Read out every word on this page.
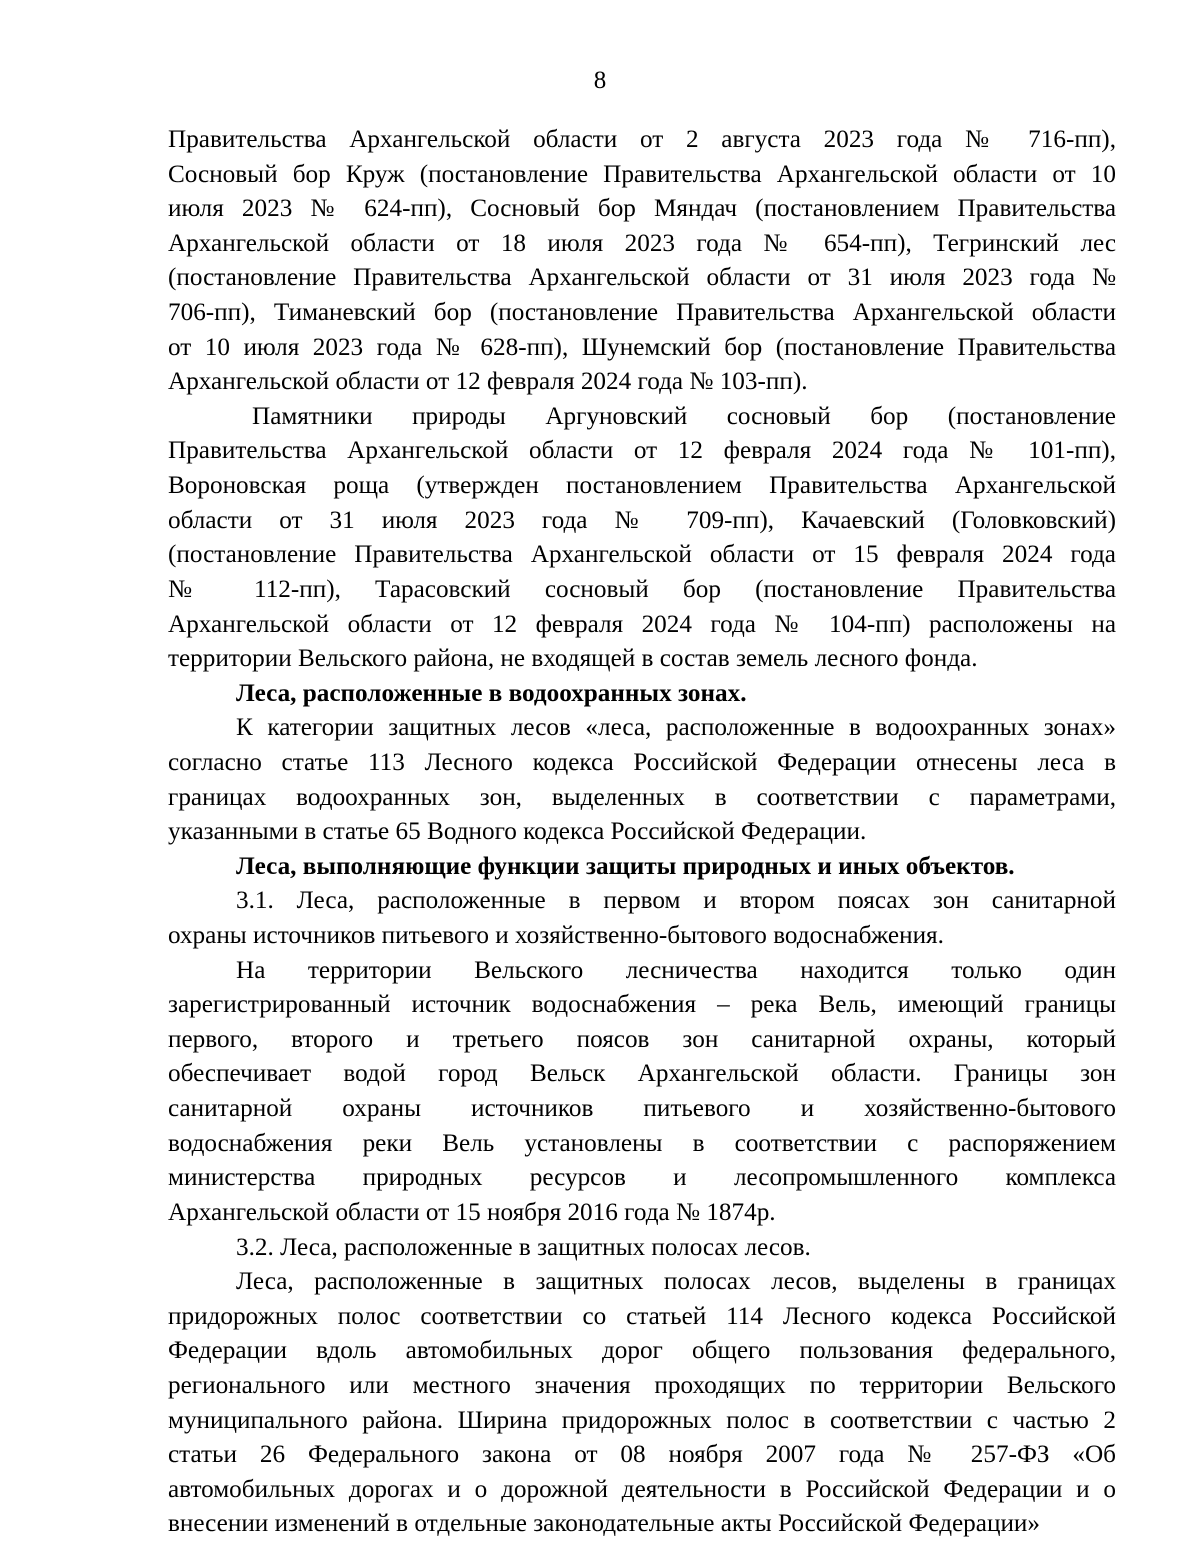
8
Правительства Архангельской области от 2 августа 2023 года № 716-пп),
Сосновый бор Круж (постановление Правительства Архангельской области от 10
июля 2023 № 624-пп), Сосновый бор Мяндач (постановлением Правительства
Архангельской области от 18 июля 2023 года № 654-пп), Тегринский лес
(постановление Правительства Архангельской области от 31 июля 2023 года №
706-пп), Тиманевский бор (постановление Правительства Архангельской области
от 10 июля 2023 года № 628-пп), Шунемский бор (постановление Правительства
Архангельской области от 12 февраля 2024 года № 103-пп).
Памятники природы Аргуновский сосновый бор (постановление
Правительства Архангельской области от 12 февраля 2024 года № 101-пп),
Вороновская роща (утвержден постановлением Правительства Архангельской
области от 31 июля 2023 года № 709-пп), Качаевский (Головковский)
(постановление Правительства Архангельской области от 15 февраля 2024 года
№ 112-пп), Тарасовский сосновый бор (постановление Правительства
Архангельской области от 12 февраля 2024 года № 104-пп) расположены на
территории Вельского района, не входящей в состав земель лесного фонда.
Леса, расположенные в водоохранных зонах.
К категории защитных лесов «леса, расположенные в водоохранных зонах»
согласно статье 113 Лесного кодекса Российской Федерации отнесены леса в
границах водоохранных зон, выделенных в соответствии с параметрами,
указанными в статье 65 Водного кодекса Российской Федерации.
Леса, выполняющие функции защиты природных и иных объектов.
3.1. Леса, расположенные в первом и втором поясах зон санитарной
охраны источников питьевого и хозяйственно-бытового водоснабжения.
На территории Вельского лесничества находится только один
зарегистрированный источник водоснабжения – река Вель, имеющий границы
первого, второго и третьего поясов зон санитарной охраны, который
обеспечивает водой город Вельск Архангельской области. Границы зон
санитарной охраны источников питьевого и хозяйственно-бытового
водоснабжения реки Вель установлены в соответствии с распоряжением
министерства природных ресурсов и лесопромышленного комплекса
Архангельской области от 15 ноября 2016 года № 1874р.
3.2. Леса, расположенные в защитных полосах лесов.
Леса, расположенные в защитных полосах лесов, выделены в границах
придорожных полос соответствии со статьей 114 Лесного кодекса Российской
Федерации вдоль автомобильных дорог общего пользования федерального,
регионального или местного значения проходящих по территории Вельского
муниципального района. Ширина придорожных полос в соответствии с частью 2
статьи 26 Федерального закона от 08 ноября 2007 года № 257-ФЗ «Об
автомобильных дорогах и о дорожной деятельности в Российской Федерации и о
внесении изменений в отдельные законодательные акты Российской Федерации»
